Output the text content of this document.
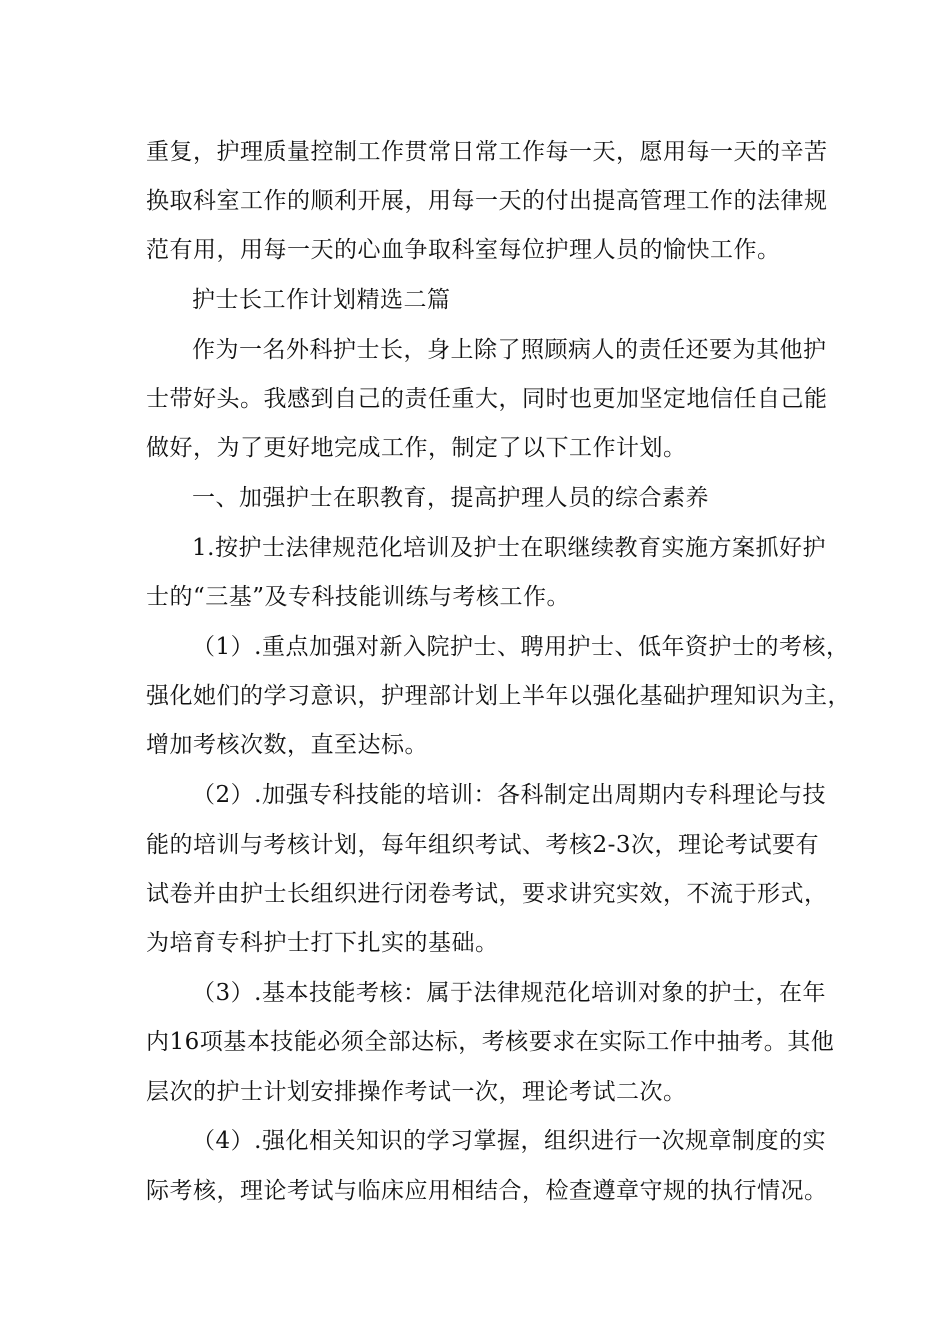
重复，护理质量控制工作贯常日常工作每一天，愿用每一天的辛苦
换取科室工作的顺利开展，用每一天的付出提高管理工作的法律规
范有用，用每一天的心血争取科室每位护理人员的愉快工作。
护士长工作计划精选二篇
作为一名外科护士长，身上除了照顾病人的责任还要为其他护
士带好头。我感到自己的责任重大，同时也更加坚定地信任自己能
做好，为了更好地完成工作，制定了以下工作计划。
一、加强护士在职教育，提高护理人员的综合素养
1.按护士法律规范化培训及护士在职继续教育实施方案抓好护
士的“三基”及专科技能训练与考核工作。
（1）.重点加强对新入院护士、聘用护士、低年资护士的考核，
强化她们的学习意识，护理部计划上半年以强化基础护理知识为主，
增加考核次数，直至达标。
（2）.加强专科技能的培训：各科制定出周期内专科理论与技
能的培训与考核计划，每年组织考试、考核2-3次，理论考试要有
试卷并由护士长组织进行闭卷考试，要求讲究实效，不流于形式，
为培育专科护士打下扎实的基础。
（3）.基本技能考核：属于法律规范化培训对象的护士，在年
内16项基本技能必须全部达标，考核要求在实际工作中抽考。其他
层次的护士计划安排操作考试一次，理论考试二次。
（4）.强化相关知识的学习掌握，组织进行一次规章制度的实
际考核，理论考试与临床应用相结合，检查遵章守规的执行情况。
